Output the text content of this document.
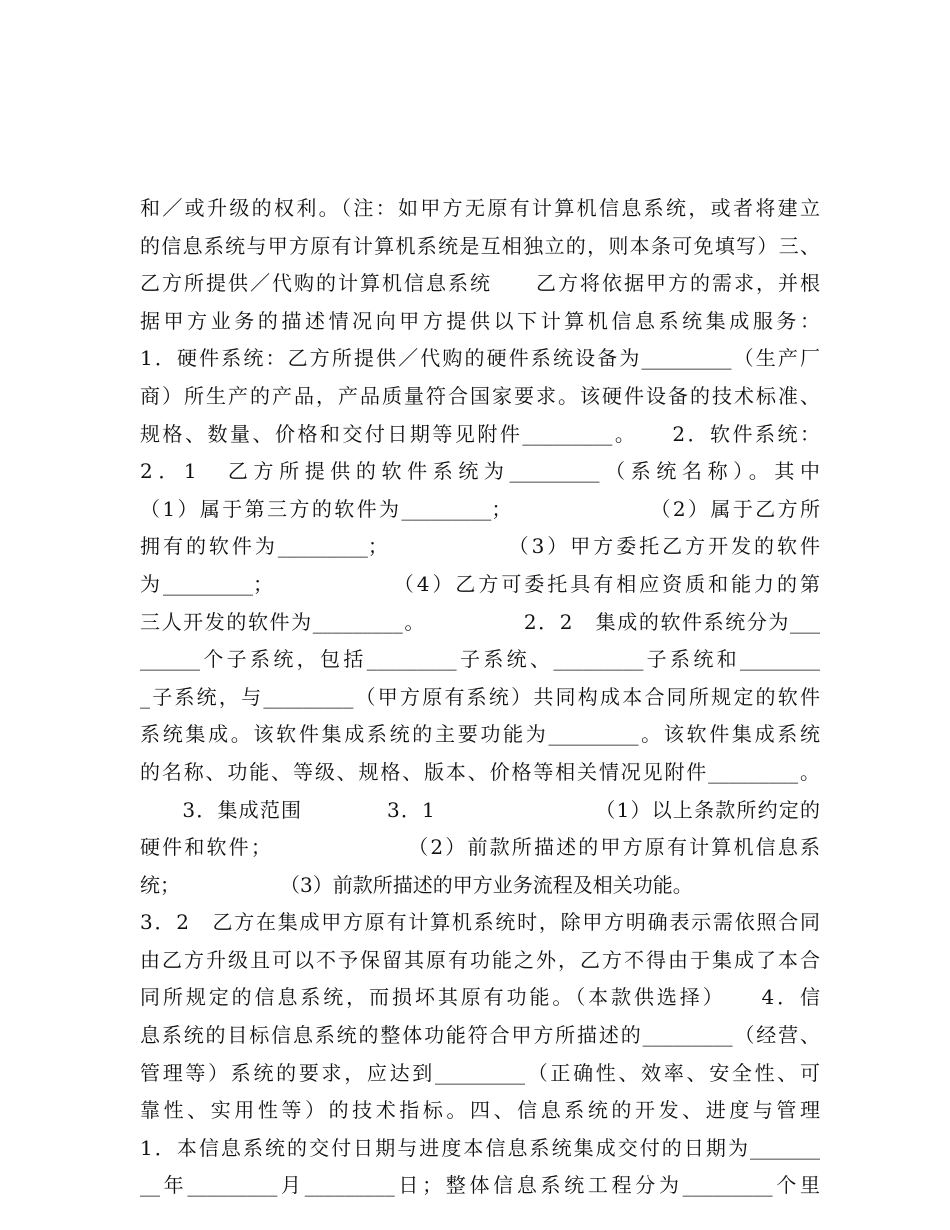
和／或升级的权利。（注：如甲方无原有计算机信息系统，或者将建立
的信息系统与甲方原有计算机系统是互相独立的，则本条可免填写）三、
乙方所提供／代购的计算机信息系统　　乙方将依据甲方的需求，并根
据甲方业务的描述情况向甲方提供以下计算机信息系统集成服务：
1．硬件系统：乙方所提供／代购的硬件系统设备为_________（生产厂
商）所生产的产品，产品质量符合国家要求。该硬件设备的技术标准、
规格、数量、价格和交付日期等见附件_________。　　2．软件系统：
2．1　乙方所提供的软件系统为_________（系统名称）。其中
（1）属于第三方的软件为_________；　　　　　　　（2）属于乙方所
拥有的软件为_________；　　　　　　（3）甲方委托乙方开发的软件
为_________；　　　　　　（4）乙方可委托具有相应资质和能力的第
三人开发的软件为_________。　　　　　2．2　集成的软件系统分为___
______个子系统，包括_________子系统、_________子系统和________
_子系统，与_________（甲方原有系统）共同构成本合同所规定的软件
系统集成。该软件集成系统的主要功能为_________。该软件集成系统
的名称、功能、等级、规格、版本、价格等相关情况见附件_________。
　　3．集成范围　　　　3．1　　　　　　　　（1）以上条款所约定的
硬件和软件；　　　　　　　（2）前款所描述的甲方原有计算机信息系
统；　　　　　　（3）前款所描述的甲方业务流程及相关功能。
3．2　乙方在集成甲方原有计算机系统时，除甲方明确表示需依照合同
由乙方升级且可以不予保留其原有功能之外，乙方不得由于集成了本合
同所规定的信息系统，而损坏其原有功能。（本款供选择）　　4．信
息系统的目标信息系统的整体功能符合甲方所描述的_________（经营、
管理等）系统的要求，应达到_________（正确性、效率、安全性、可
靠性、实用性等）的技术指标。四、信息系统的开发、进度与管理
1．本信息系统的交付日期与进度本信息系统集成交付的日期为_______
__年_________月_________日；整体信息系统工程分为_________个里
